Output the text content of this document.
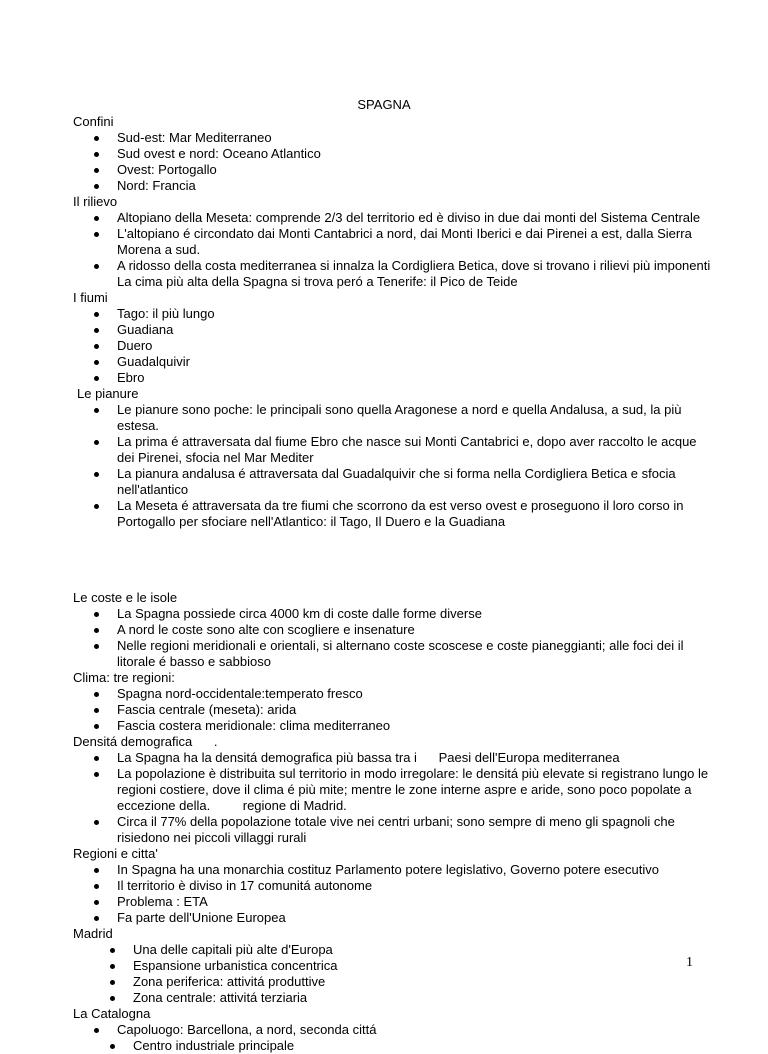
SPAGNA
Confini
Sud-est: Mar Mediterraneo
Sud ovest e nord: Oceano Atlantico
Ovest: Portogallo
Nord: Francia
Il rilievo
Altopiano della Meseta: comprende 2/3 del territorio ed è diviso in due dai monti del Sistema Centrale
L'altopiano é circondato dai Monti Cantabrici a nord, dai Monti Iberici e dai Pirenei a est, dalla Sierra Morena a sud.
A ridosso della costa mediterranea si innalza la Cordigliera Betica, dove si trovano i rilievi più imponenti La cima più alta della Spagna si trova peró a Tenerife: il Pico de Teide
I fiumi
Tago: il più lungo
Guadiana
Duero
Guadalquivir
Ebro
Le pianure
Le pianure sono poche: le principali sono quella Aragonese a nord e quella Andalusa, a sud, la più estesa.
La prima é attraversata dal fiume Ebro che nasce sui Monti Cantabrici e, dopo aver raccolto le acque dei Pirenei, sfocia nel Mar Mediter
La pianura andalusa é attraversata dal Guadalquivir che si forma nella Cordigliera Betica e sfocia nell'atlantico
La Meseta é attraversata da tre fiumi che scorrono da est verso ovest e proseguono il loro corso in Portogallo per sfociare nell'Atlantico: il Tago, Il Duero e la Guadiana
Le coste e le isole
La Spagna possiede circa 4000 km di coste dalle forme diverse
A nord le coste sono alte con scogliere e insenature
Nelle regioni meridionali e orientali, si alternano coste scoscese e coste pianeggianti; alle foci dei il litorale é basso e sabbioso
Clima: tre regioni:
Spagna nord-occidentale:temperato fresco
Fascia centrale (meseta): arida
Fascia costera meridionale: clima mediterraneo
Densitá demografica      .
La Spagna ha la densitá demografica più bassa tra i      Paesi dell'Europa mediterranea
La popolazione è distribuita sul territorio in modo irregolare: le densitá più elevate si registrano lungo le regioni costiere, dove il clima é più mite; mentre le zone interne aspre e aride, sono poco popolate a eccezione della.         regione di Madrid.
Circa il 77% della popolazione totale vive nei centri urbani; sono sempre di meno gli spagnoli che risiedono nei piccoli villaggi rurali
Regioni e citta'
In Spagna ha una monarchia costituz Parlamento potere legislativo, Governo potere esecutivo
Il territorio è diviso in 17 comunitá autonome
Problema : ETA
Fa parte dell'Unione Europea
Madrid
Una delle capitali più alte d'Europa
Espansione urbanistica concentrica
Zona periferica: attivitá produttive
Zona centrale: attivitá terziaria
La Catalogna
Capoluogo: Barcellona, a nord, seconda cittá
Centro industriale principale
1
